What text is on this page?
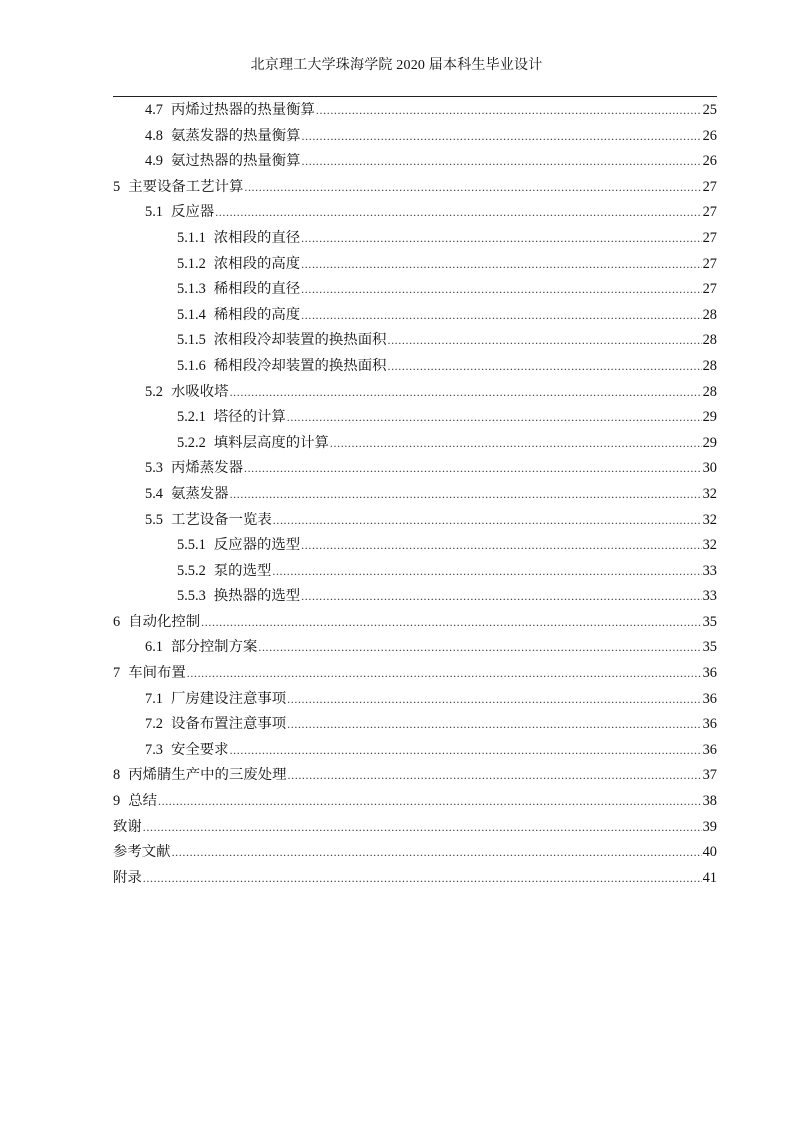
北京理工大学珠海学院 2020 届本科生毕业设计
4.7 丙烯过热器的热量衡算 .....	25
4.8 氨蒸发器的热量衡算 .....	26
4.9 氨过热器的热量衡算 .....	26
5 主要设备工艺计算 .....	27
5.1 反应器 .....	27
5.1.1 浓相段的直径 .....	27
5.1.2 浓相段的高度 .....	27
5.1.3 稀相段的直径 .....	27
5.1.4 稀相段的高度 .....	28
5.1.5 浓相段冷却装置的换热面积 .....	28
5.1.6 稀相段冷却装置的换热面积 .....	28
5.2 水吸收塔 .....	28
5.2.1 塔径的计算 .....	29
5.2.2 填料层高度的计算 .....	29
5.3 丙烯蒸发器 .....	30
5.4 氨蒸发器 .....	32
5.5 工艺设备一览表 .....	32
5.5.1 反应器的选型 .....	32
5.5.2 泵的选型 .....	33
5.5.3 换热器的选型 .....	33
6 自动化控制 .....	35
6.1 部分控制方案 .....	35
7 车间布置 .....	36
7.1 厂房建设注意事项 .....	36
7.2 设备布置注意事项 .....	36
7.3 安全要求 .....	36
8 丙烯腈生产中的三废处理 .....	37
9 总结 .....	38
致谢 .....	39
参考文献 .....	40
附录 .....	41
